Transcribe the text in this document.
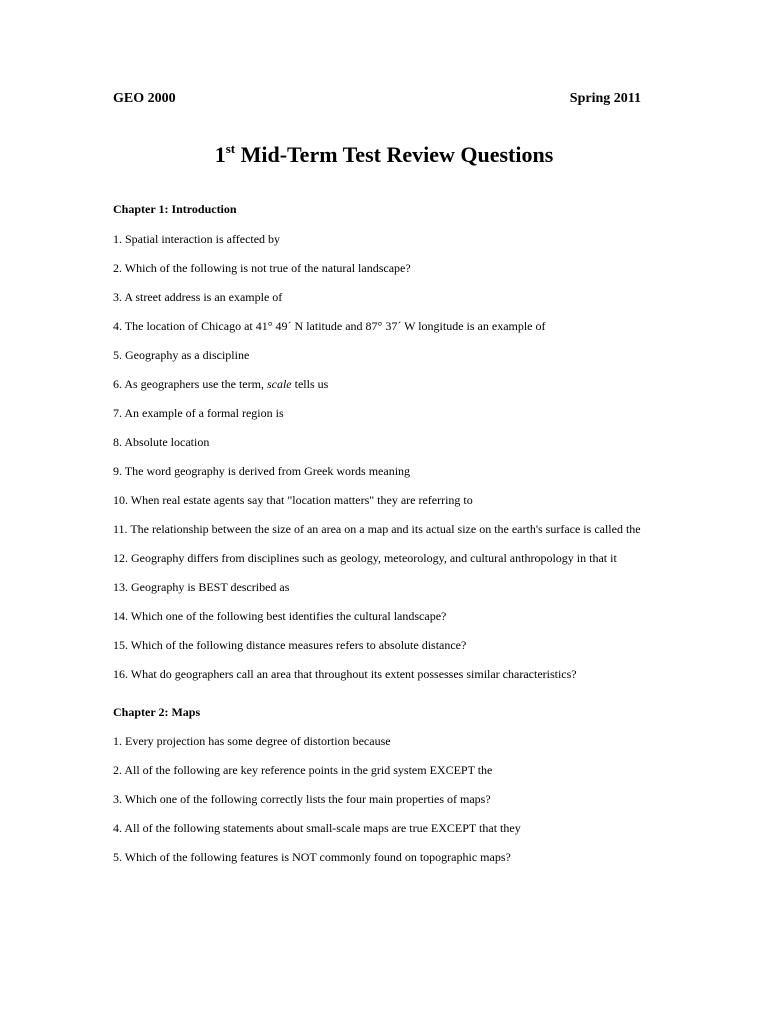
GEO 2000	Spring 2011
1st Mid-Term Test Review Questions
Chapter 1: Introduction

1. Spatial interaction is affected by

2. Which of the following is not true of the natural landscape?

3. A street address is an example of

4. The location of Chicago at 41° 49´ N latitude and 87° 37´ W longitude is an example of

5. Geography as a discipline

6. As geographers use the term, scale tells us

7. An example of a formal region is

8. Absolute location

9. The word geography is derived from Greek words meaning

10. When real estate agents say that "location matters" they are referring to

11. The relationship between the size of an area on a map and its actual size on the earth's surface is called the

12. Geography differs from disciplines such as geology, meteorology, and cultural anthropology in that it

13. Geography is BEST described as

14. Which one of the following best identifies the cultural landscape?

15. Which of the following distance measures refers to absolute distance?

16. What do geographers call an area that throughout its extent possesses similar characteristics?

Chapter 2: Maps

1. Every projection has some degree of distortion because

2. All of the following are key reference points in the grid system EXCEPT the

3. Which one of the following correctly lists the four main properties of maps?

4. All of the following statements about small-scale maps are true EXCEPT that they

5. Which of the following features is NOT commonly found on topographic maps?
